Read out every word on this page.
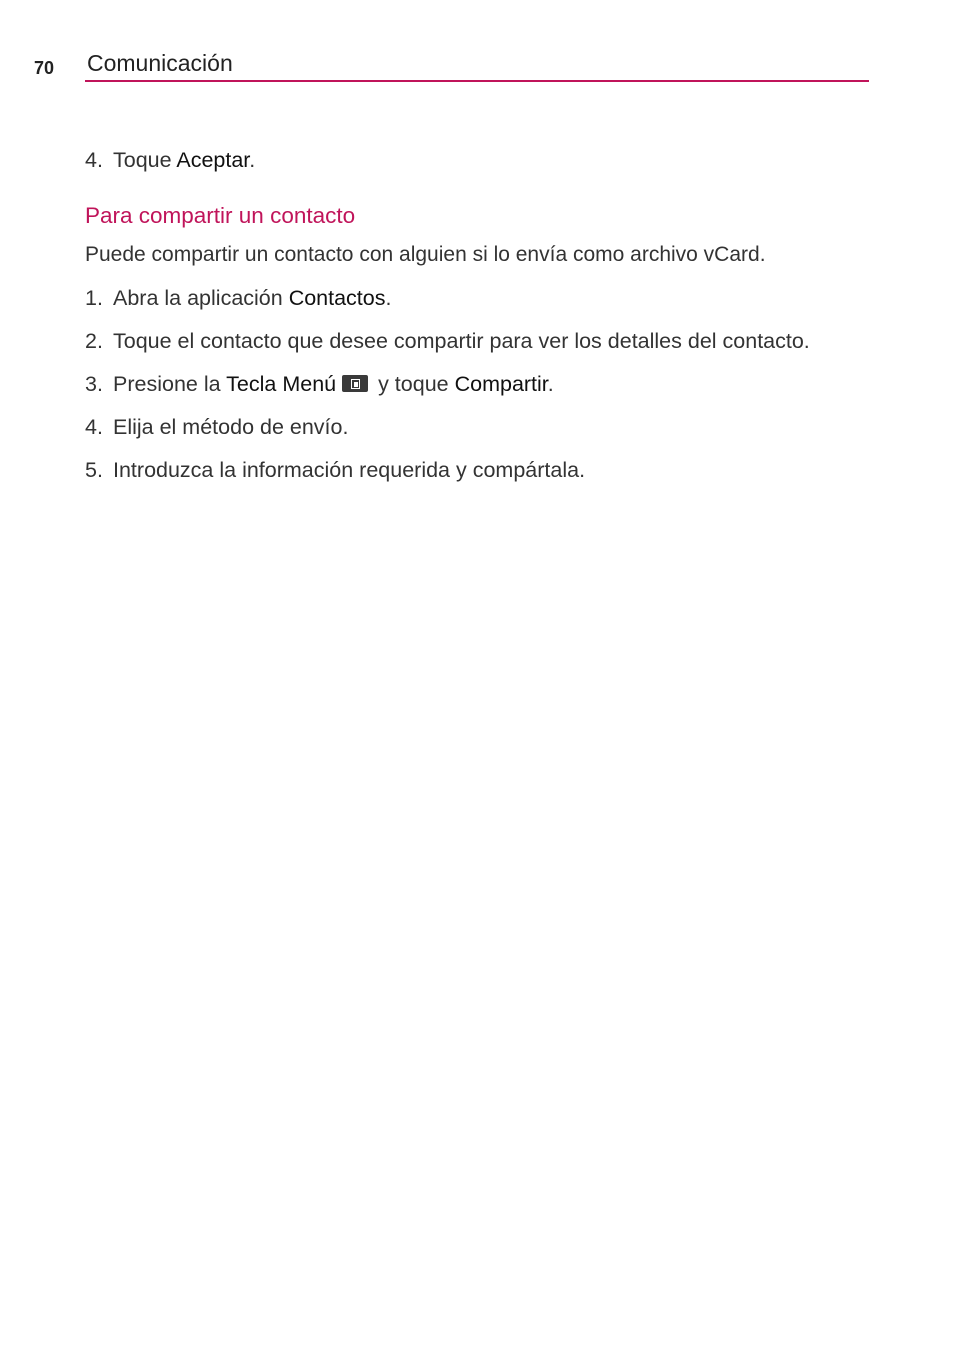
70 Comunicación
4. Toque Aceptar.
Para compartir un contacto
Puede compartir un contacto con alguien si lo envía como archivo vCard.
1. Abra la aplicación Contactos.
2. Toque el contacto que desee compartir para ver los detalles del contacto.
3. Presione la Tecla Menú y toque Compartir.
4. Elija el método de envío.
5. Introduzca la información requerida y compártala.
